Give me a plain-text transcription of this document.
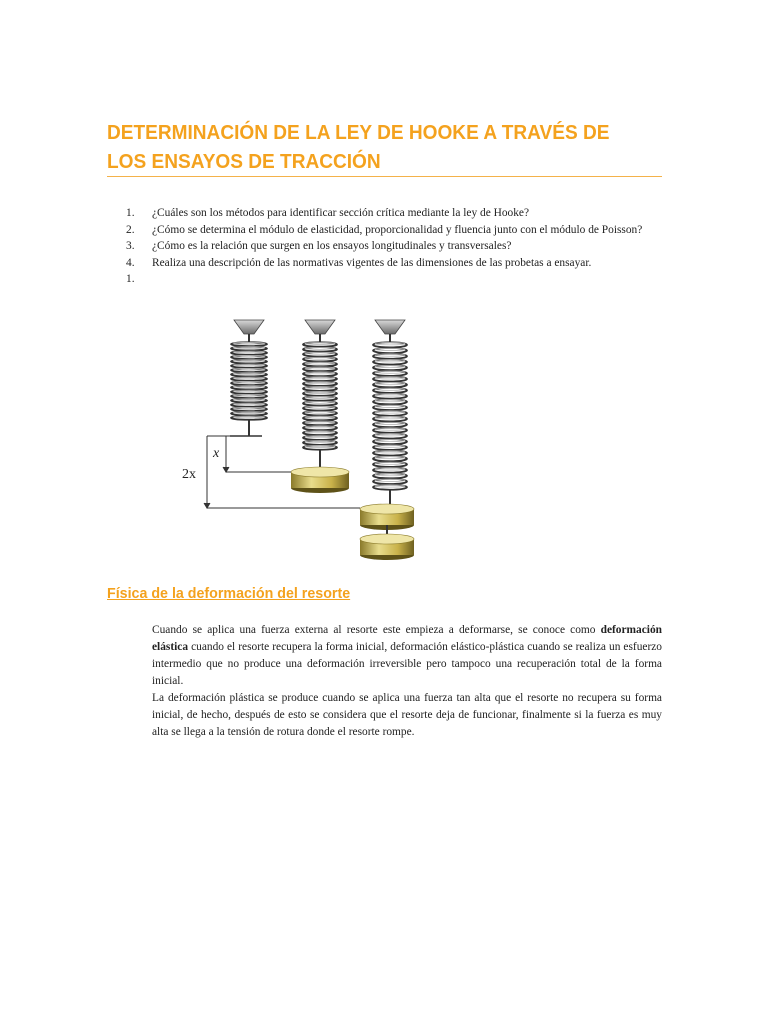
DETERMINACIÓN DE LA LEY DE HOOKE A TRAVÉS DE LOS ENSAYOS DE TRACCIÓN
1. ¿Cuáles son los métodos para identificar sección crítica mediante la ley de Hooke?
2. ¿Cómo se determina el módulo de elasticidad, proporcionalidad y fluencia junto con el módulo de Poisson?
3. ¿Cómo es la relación que surgen en los ensayos longitudinales y transversales?
4. Realiza una descripción de las normativas vigentes de las dimensiones de las probetas a ensayar.
1.
x
2x
Física de la deformación del resorte

Cuando se aplica una fuerza externa al resorte este empieza a deformarse, se conoce como deformación elástica cuando el resorte recupera la forma inicial, deformación elástico-plástica cuando se realiza un esfuerzo intermedio que no produce una deformación irreversible pero tampoco una recuperación total de la forma inicial.

La deformación plástica se produce cuando se aplica una fuerza tan alta que el resorte no recupera su forma inicial, de hecho, después de esto se considera que el resorte deja de funcionar, finalmente si la fuerza es muy alta se llega a la tensión de rotura donde el resorte rompe.
